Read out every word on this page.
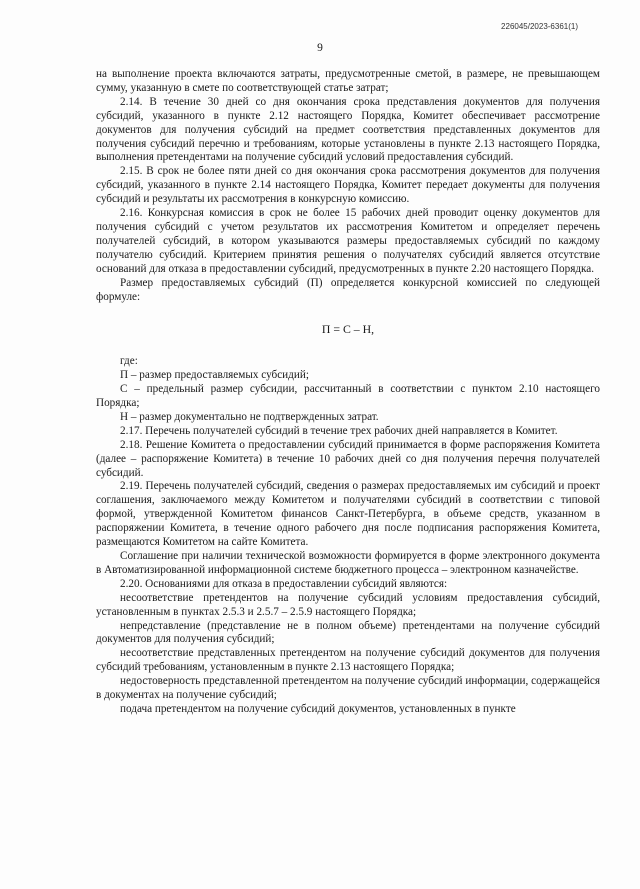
226045/2023-6361(1)
9

на выполнение проекта включаются затраты, предусмотренные сметой, в размере, не превышающем сумму, указанную в смете по соответствующей статье затрат;

2.14. В течение 30 дней со дня окончания срока представления документов для получения субсидий, указанного в пункте 2.12 настоящего Порядка, Комитет обеспечивает рассмотрение документов для получения субсидий на предмет соответствия представленных документов для получения субсидий перечню и требованиям, которые установлены в пункте 2.13 настоящего Порядка, выполнения претендентами на получение субсидий условий предоставления субсидий.

2.15. В срок не более пяти дней со дня окончания срока рассмотрения документов для получения субсидий, указанного в пункте 2.14 настоящего Порядка, Комитет передает документы для получения субсидий и результаты их рассмотрения в конкурсную комиссию.

2.16. Конкурсная комиссия в срок не более 15 рабочих дней проводит оценку документов для получения субсидий с учетом результатов их рассмотрения Комитетом и определяет перечень получателей субсидий, в котором указываются размеры предоставляемых субсидий по каждому получателю субсидий. Критерием принятия решения о получателях субсидий является отсутствие оснований для отказа в предоставлении субсидий, предусмотренных в пункте 2.20 настоящего Порядка.

Размер предоставляемых субсидий (П) определяется конкурсной комиссией по следующей формуле:

П = С – Н,

где:

П – размер предоставляемых субсидий;

С – предельный размер субсидии, рассчитанный в соответствии с пунктом 2.10 настоящего Порядка;

Н – размер документально не подтвержденных затрат.

2.17. Перечень получателей субсидий в течение трех рабочих дней направляется в Комитет.

2.18. Решение Комитета о предоставлении субсидий принимается в форме распоряжения Комитета (далее – распоряжение Комитета) в течение 10 рабочих дней со дня получения перечня получателей субсидий.

2.19. Перечень получателей субсидий, сведения о размерах предоставляемых им субсидий и проект соглашения, заключаемого между Комитетом и получателями субсидий в соответствии с типовой формой, утвержденной Комитетом финансов Санкт-Петербурга, в объеме средств, указанном в распоряжении Комитета, в течение одного рабочего дня после подписания распоряжения Комитета, размещаются Комитетом на сайте Комитета.

Соглашение при наличии технической возможности формируется в форме электронного документа в Автоматизированной информационной системе бюджетного процесса – электронном казначействе.

2.20. Основаниями для отказа в предоставлении субсидий являются:

несоответствие претендентов на получение субсидий условиям предоставления субсидий, установленным в пунктах 2.5.3 и 2.5.7 – 2.5.9 настоящего Порядка;

непредставление (представление не в полном объеме) претендентами на получение субсидий документов для получения субсидий;

несоответствие представленных претендентом на получение субсидий документов для получения субсидий требованиям, установленным в пункте 2.13 настоящего Порядка;

недостоверность представленной претендентом на получение субсидий информации, содержащейся в документах на получение субсидий;

подача претендентом на получение субсидий документов, установленных в пункте
